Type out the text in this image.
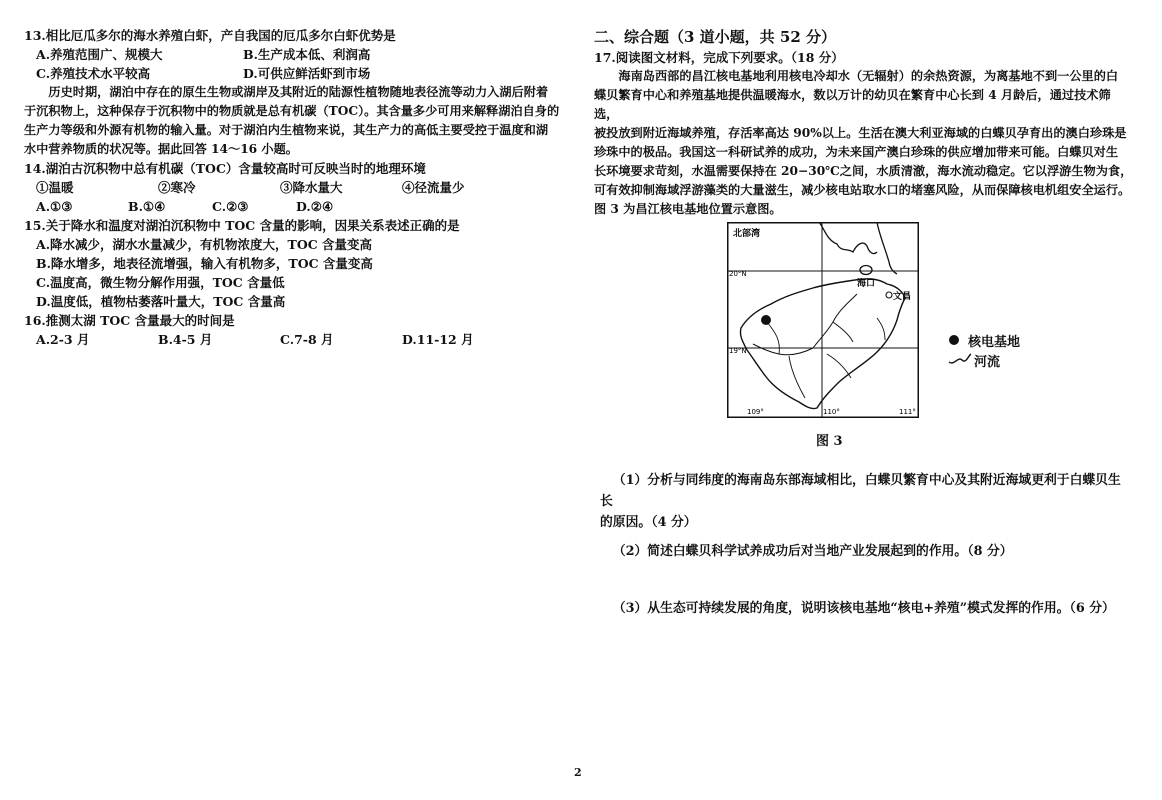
13.相比厄瓜多尔的海水养殖白虾，产自我国的厄瓜多尔白虾优势是
A.养殖范围广、规模大	B.生产成本低、利润高
C.养殖技术水平较高	D.可供应鲜活虾到市场
历史时期，湖泊中存在的原生生物或湖岸及其附近的陆源性植物随地表径流等动力入湖后附着
于沉积物上，这种保存于沉积物中的物质就是总有机碳（TOC）。其含量多少可用来解释湖泊自身的
生产力等级和外源有机物的输入量。对于湖泊内生植物来说，其生产力的高低主要受控于温度和湖
水中营养物质的状况等。据此回答 14～16 小题。
14.湖泊古沉积物中总有机碳（TOC）含量较高时可反映当时的地理环境
①温暖	②寒冷	③降水量大	④径流量少
A.①③	B.①④	C.②③	D.②④
15.关于降水和温度对湖泊沉积物中 TOC 含量的影响，因果关系表述正确的是
A.降水减少，湖水水量减少，有机物浓度大，TOC 含量变高
B.降水增多，地表径流增强，输入有机物多，TOC 含量变高
C.温度高，微生物分解作用强，TOC 含量低
D.温度低，植物枯萎落叶量大，TOC 含量高
16.推测太湖 TOC 含量最大的时间是
A.2-3 月	B.4-5 月	C.7-8 月	D.11-12 月
二、综合题（3 道小题，共 52 分）
17.阅读图文材料，完成下列要求。（18 分）
海南岛西部的昌江核电基地利用核电冷却水（无辐射）的余热资源，为离基地不到一公里的白
蝶贝繁育中心和养殖基地提供温暖海水，数以万计的幼贝在繁育中心长到 4 月龄后，通过技术筛选，
被投放到附近海域养殖，存活率高达 90%以上。生活在澳大利亚海域的白蝶贝孕育出的澳白珍珠是
珍珠中的极品。我国这一科研试养的成功，为未来国产澳白珍珠的供应增加带来可能。白蝶贝对生
长环境要求苛刻，水温需要保持在 20−30℃之间，水质清澈，海水流动稳定。它以浮游生物为食，
可有效抑制海域浮游藻类的大量滋生，减少核电站取水口的堵塞风险，从而保障核电机组安全运行。
图 3 为昌江核电基地位置示意图。
北部湾
海口
文昌
20°N
19°N
109°	110°	111°
图 3
核电基地
河流
（1）分析与同纬度的海南岛东部海域相比，白蝶贝繁育中心及其附近海域更利于白蝶贝生长
的原因。（4 分）
（2）简述白蝶贝科学试养成功后对当地产业发展起到的作用。（8 分）
（3）从生态可持续发展的角度，说明该核电基地“核电+养殖”模式发挥的作用。（6 分）
2
